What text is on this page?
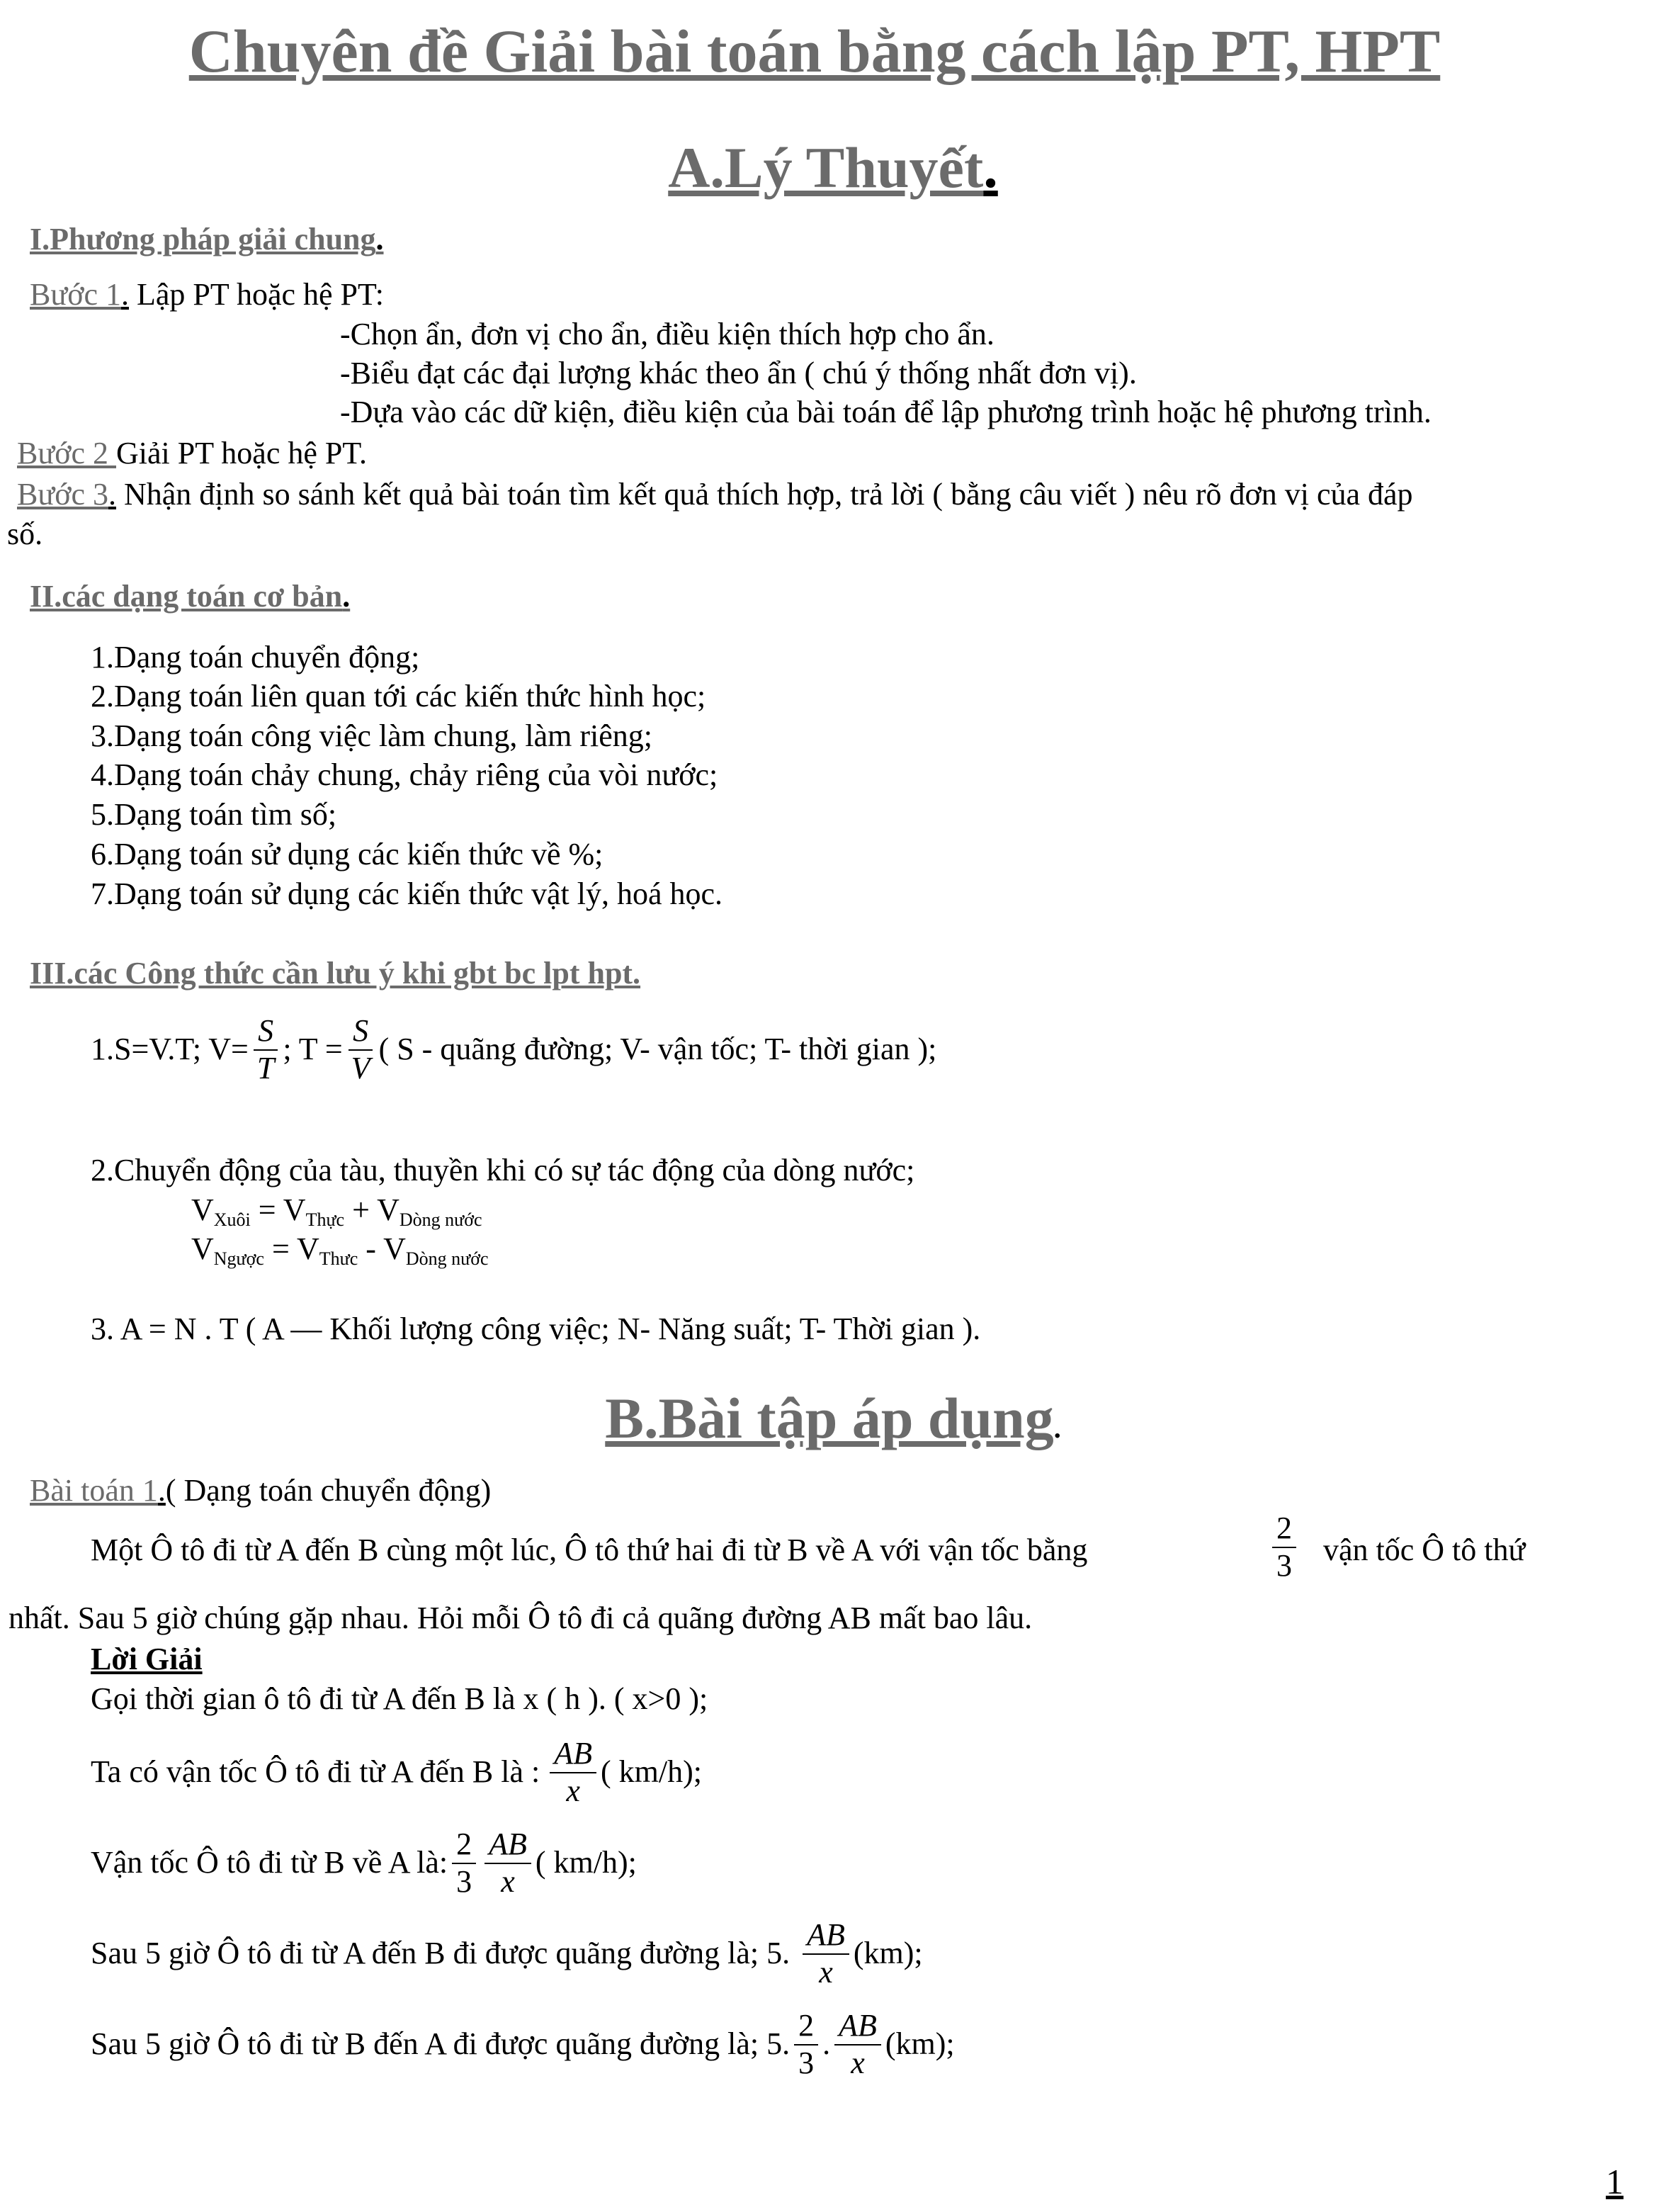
Chuyên đề Giải bài toán bằng cách lập PT, HPT
A.Lý Thuyết.
I.Phương pháp giải chung.
Bước 1. Lập PT hoặc hệ PT:
-Chọn ẩn, đơn vị cho ẩn, điều kiện thích hợp cho ẩn.
-Biểu đạt các đại lượng khác theo ẩn ( chú ý thống nhất đơn vị).
-Dựa vào các dữ kiện, điều kiện của bài toán để lập phương trình hoặc hệ phương trình.
Bước 2 Giải PT hoặc hệ PT.
Bước 3. Nhận định so sánh kết quả bài toán tìm kết quả thích hợp, trả lời ( bằng câu viết ) nêu rõ đơn vị của đáp
số.
II.các dạng toán cơ bản.
1.Dạng toán chuyển động;
2.Dạng toán liên quan tới các kiến thức hình học;
3.Dạng toán công việc làm chung, làm riêng;
4.Dạng toán chảy chung, chảy riêng của vòi nước;
5.Dạng toán tìm số;
6.Dạng toán sử dụng các kiến thức về %;
7.Dạng toán sử dụng các kiến thức vật lý, hoá học.
III.các Công thức cần lưu ý khi gbt bc lpt hpt.
1.S=V.T; $V= \frac{S}{T}$ ; $T = \frac{S}{V}$ ( S - quãng đường; V- vận tốc; T- thời gian );
2.Chuyển động của tàu, thuyền khi có sự tác động của dòng nước;
$V_{Xuôi} = V_{Thực} + V_{Dòng nước}$
$V_{Ngược} = V_{Thưc} - V_{Dòng nước}$
3. A = N . T ( A — Khối lượng công việc; N- Năng suất; T- Thời gian ).
B.Bài tập áp dụng.
Bài toán 1.( Dạng toán chuyển động)
Một Ô tô đi từ A đến B cùng một lúc, Ô tô thứ hai đi từ B về A với vận tốc bằng	$\frac{2}{3}$ vận tốc Ô tô thứ
nhất. Sau 5 giờ chúng gặp nhau. Hỏi mỗi Ô tô đi cả quãng đường AB mất bao lâu.
Lời Giải
Gọi thời gian ô tô đi từ A đến B là x ( h ). ( x>0 );
Ta có vận tốc Ô tô đi từ A đến B là : $\frac{AB}{x}$ ( km/h);
Vận tốc Ô tô đi từ B về A là: $\frac{2}{3} \frac{AB}{x}$ ( km/h);
Sau 5 giờ Ô tô đi từ A đến B đi được quãng đường là; 5. $\frac{AB}{x} (km)$;
Sau 5 giờ Ô tô đi từ B đến A đi được quãng đường là; 5. $\frac{2}{3}$ . $\frac{AB}{x} (km)$;
1
